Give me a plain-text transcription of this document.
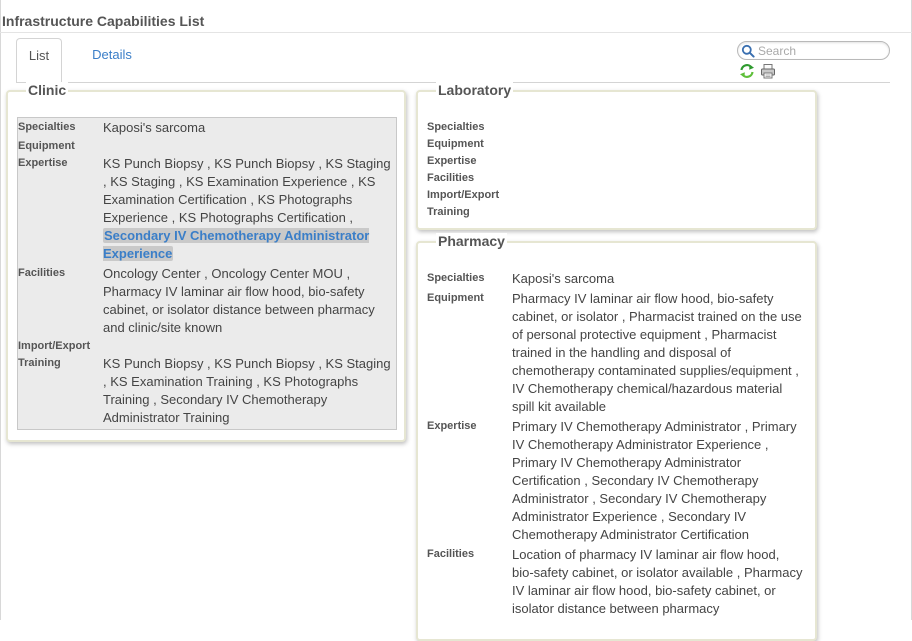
Infrastructure Capabilities List
List	Details
Search
Clinic
Specialties	Kaposi's sarcoma
Equipment
Expertise	KS Punch Biopsy , KS Punch Biopsy , KS Staging , KS Staging , KS Examination Experience , KS Examination Certification , KS Photographs Experience , KS Photographs Certification , Secondary IV Chemotherapy Administrator Experience
Facilities	Oncology Center , Oncology Center MOU , Pharmacy IV laminar air flow hood, bio-safety cabinet, or isolator distance between pharmacy and clinic/site known
Import/Export
Training	KS Punch Biopsy , KS Punch Biopsy , KS Staging , KS Examination Training , KS Photographs Training , Secondary IV Chemotherapy Administrator Training
Laboratory
Specialties
Equipment
Expertise
Facilities
Import/Export
Training
Pharmacy
Specialties	Kaposi's sarcoma
Equipment	Pharmacy IV laminar air flow hood, bio-safety cabinet, or isolator , Pharmacist trained on the use of personal protective equipment , Pharmacist trained in the handling and disposal of chemotherapy contaminated supplies/equipment , IV Chemotherapy chemical/hazardous material spill kit available
Expertise	Primary IV Chemotherapy Administrator , Primary IV Chemotherapy Administrator Experience , Primary IV Chemotherapy Administrator Certification , Secondary IV Chemotherapy Administrator , Secondary IV Chemotherapy Administrator Experience , Secondary IV Chemotherapy Administrator Certification
Facilities	Location of pharmacy IV laminar air flow hood, bio-safety cabinet, or isolator available , Pharmacy IV laminar air flow hood, bio-safety cabinet, or isolator distance between pharmacy
